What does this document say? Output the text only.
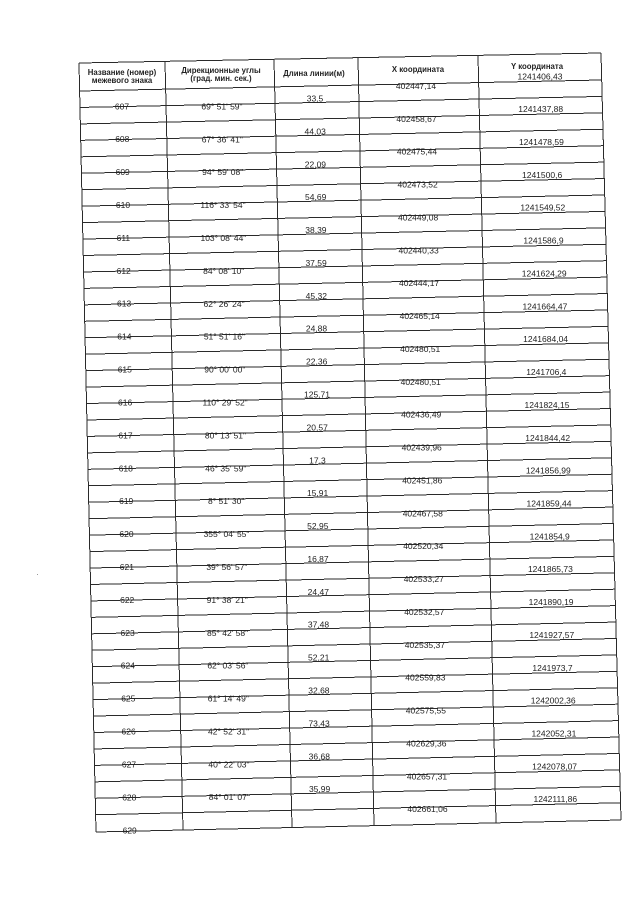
Название (номер)
межевого знака
Дирекционные углы
(град. мин. сек.)
Длина линии(м)	X координата	Y координата
607
402447,14
1241406,43
608
402458,67
1241437,88
609
402475,44
1241478,59
610
402473,52
1241500,6
611
402449,08
1241549,52
612
402440,33
1241586,9
613
402444,17
1241624,29
614
402465,14
1241664,47
615
402480,51
1241684,04
616
402480,51
1241706,4
617
402436,49
1241824,15
618
402439,96
1241844,42
619
402451,86
1241856,99
620
402467,58
1241859,44
621
402520,34
1241854,9
622
402533,27
1241865,73
623
402532,57
1241890,19
624
402535,37
1241927,57
625
402559,83
1241973,7
626
402575,55
1242002,36
627
402629,36
1242052,31
628
402657,31
1242078,07
629
402661,06
1242111,86
69° 51' 59"
33,5
67° 36' 41"
44,03
94° 59' 08"
22,09
116° 33' 54"
54,69
103° 08' 44"
38,39
84° 08' 10"
37,59
62° 26' 24"
45,32
51° 51' 16"
24,88
90° 00' 00"
22,36
110° 29' 52"
125,71
80° 13' 51"
20,57
46° 35' 59"
17,3
8° 51' 30"
15,91
355° 04' 55"
52,95
39° 56' 57"
16,87
91° 38' 21"
24,47
85° 42' 58"
37,48
62° 03' 56"
52,21
61° 14' 49"
32,68
42° 52' 31"
73,43
40° 22' 03"
36,68
84° 01' 07"
35,99
